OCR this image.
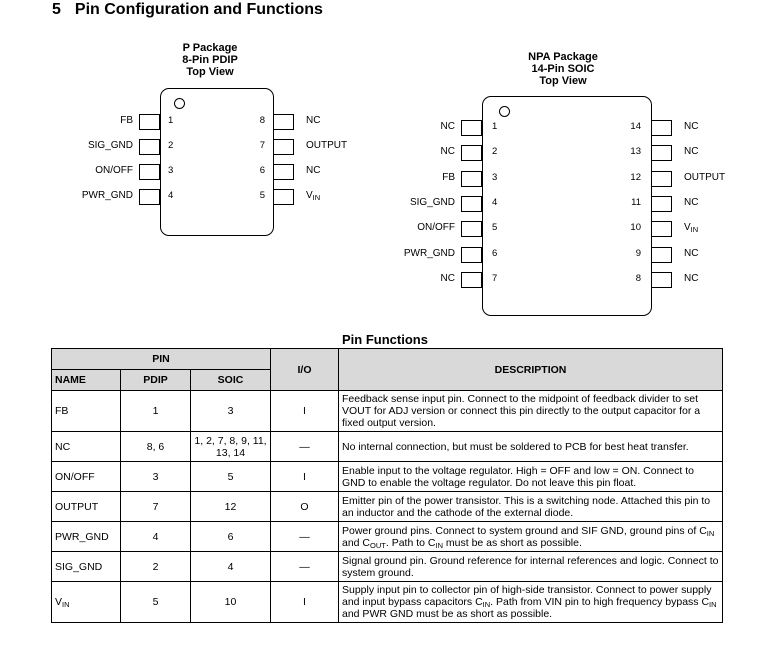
5 Pin Configuration and Functions
P Package
8-Pin PDIP
Top View
1
FB
2
SIG_GND
3
ON/OFF
4
PWR_GND
8	NC
7	OUTPUT
6	NC
5	$V_{IN}$
NPA Package
14-Pin SOIC
Top View
1
NC
2
NC
3
FB
4
SIG_GND
5
ON/OFF
6
PWR_GND
7
NC
14	NC
13	NC
12	OUTPUT
11	NC
10	$V_{IN}$
9	NC
8	NC
Pin Functions
PIN			I/O	DESCRIPTION
NAME	PDIP	SOIC		
FB	1	3	I	Feedback sense input pin. Connect to the midpoint of feedback divider to set VOUT for ADJ version or connect this pin directly to the output capacitor for a fixed output version.
NC	8, 6	1, 2, 7, 8, 9, 11, 13, 14	—	No internal connection, but must be soldered to PCB for best heat transfer.
ON/OFF	3	5	I	Enable input to the voltage regulator. High = OFF and low = ON. Connect to GND to enable the voltage regulator. Do not leave this pin float.
OUTPUT	7	12	O	Emitter pin of the power transistor. This is a switching node. Attached this pin to an inductor and the cathode of the external diode.
PWR_GND	4	6	—	Power ground pins. Connect to system ground and SIF GND, ground pins of $C_{IN}$ and $C_{OUT}$. Path to $C_{IN}$ must be as short as possible.
SIG_GND	2	4	—	Signal ground pin. Ground reference for internal references and logic. Connect to system ground.
$V_{IN}$	5	10	I	Supply input pin to collector pin of high-side transistor. Connect to power supply and input bypass capacitors $C_{IN}$. Path from VIN pin to high frequency bypass $C_{IN}$ and PWR GND must be as short as possible.
